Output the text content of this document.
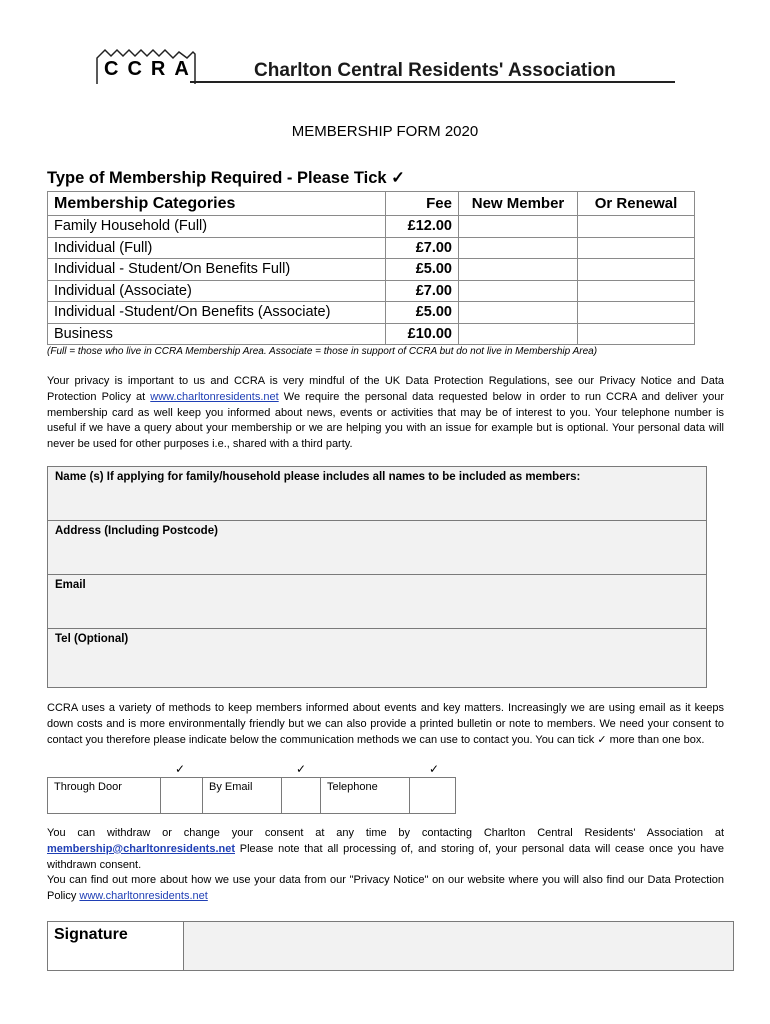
CCRA	Charlton Central Residents' Association
MEMBERSHIP FORM 2020
Type of Membership Required - Please Tick ✓
Membership Categories	Fee	New Member	Or Renewal
Family Household (Full)	£12.00		
Individual (Full)	£7.00		
Individual - Student/On Benefits Full)	£5.00		
Individual (Associate)	£7.00		
Individual -Student/On Benefits (Associate)	£5.00		
Business	£10.00		
(Full = those who live in CCRA Membership Area. Associate = those in support of CCRA but do not live in Membership Area)
Your privacy is important to us and CCRA is very mindful of the UK Data Protection Regulations, see our Privacy Notice and Data Protection Policy at www.charltonresidents.net We require the personal data requested below in order to run CCRA and deliver your membership card as well keep you informed about news, events or activities that may be of interest to you. Your telephone number is useful if we have a query about your membership or we are helping you with an issue for example but is optional. Your personal data will never be used for other purposes i.e., shared with a third party.
Name (s) If applying for family/household please includes all names to be included as members:
Address (Including Postcode)
Email
Tel (Optional)
CCRA uses a variety of methods to keep members informed about events and key matters. Increasingly we are using email as it keeps down costs and is more environmentally friendly but we can also provide a printed bulletin or note to members. We need your consent to contact you therefore please indicate below the communication methods we can use to contact you. You can tick ✓ more than one box.
✓	✓	✓
Through Door		By Email		Telephone	
You can withdraw or change your consent at any time by contacting Charlton Central Residents' Association at membership@charltonresidents.net Please note that all processing of, and storing of, your personal data will cease once you have withdrawn consent.
You can find out more about how we use your data from our "Privacy Notice" on our website where you will also find our Data Protection Policy www.charltonresidents.net
Signature	
